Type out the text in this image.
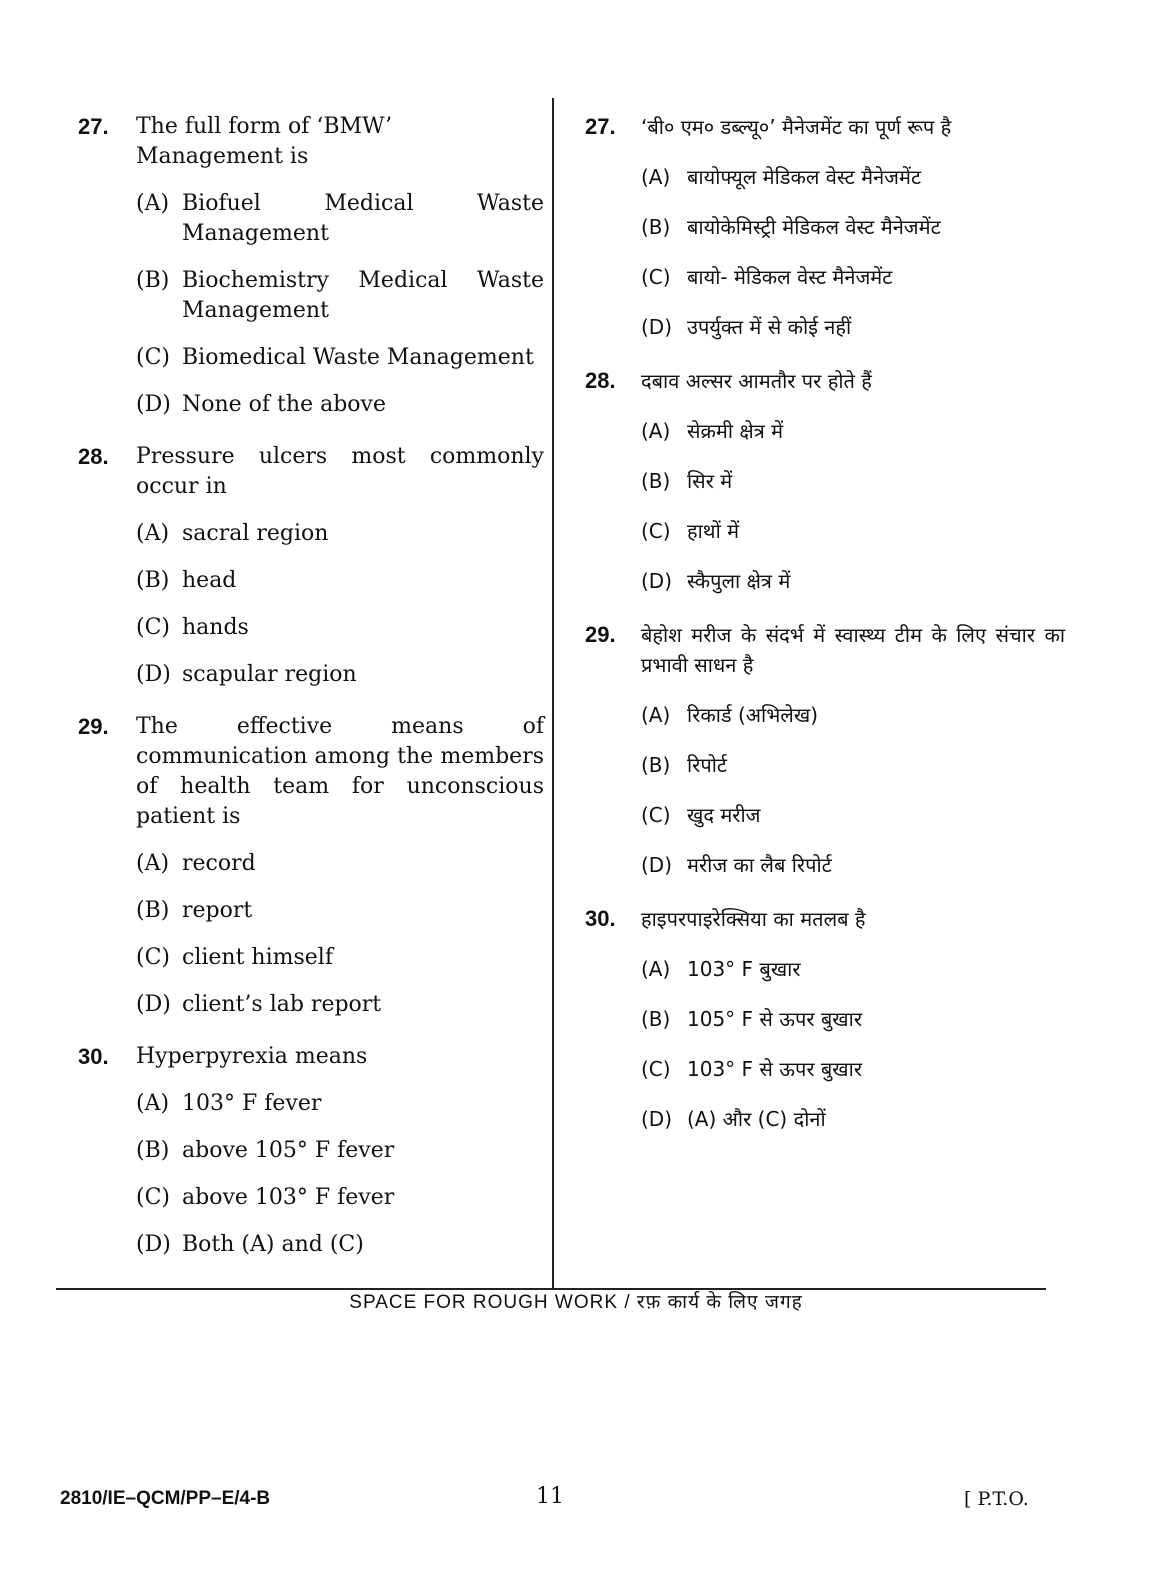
27.	The full form of ‘BMW’ Management is
(A) Biofuel Medical Waste Management
(B) Biochemistry Medical Waste Management
(C) Biomedical Waste Management
(D) None of the above
28.	Pressure ulcers most commonly occur in
(A) sacral region
(B) head
(C) hands
(D) scapular region
29.	The effective means of communication among the members of health team for unconscious patient is
(A) record
(B) report
(C) client himself
(D) client’s lab report
30.	Hyperpyrexia means
(A) 103° F fever
(B) above 105° F fever
(C) above 103° F fever
(D) Both (A) and (C)
27.	‘बी० एम० डब्ल्यू०’ मैनेजमेंट का पूर्ण रूप है
(A) बायोफ्यूल मेडिकल वेस्ट मैनेजमेंट
(B) बायोकेमिस्ट्री मेडिकल वेस्ट मैनेजमेंट
(C) बायो- मेडिकल वेस्ट मैनेजमेंट
(D) उपर्युक्त में से कोई नहीं
28.	दबाव अल्सर आमतौर पर होते हैं
(A) सेक्रमी क्षेत्र में
(B) सिर में
(C) हाथों में
(D) स्कैपुला क्षेत्र में
29.	बेहोश मरीज के संदर्भ में स्वास्थ्य टीम के लिए संचार का प्रभावी साधन है
(A) रिकार्ड (अभिलेख)
(B) रिपोर्ट
(C) खुद मरीज
(D) मरीज का लैब रिपोर्ट
30.	हाइपरपाइरेक्सिया का मतलब है
(A) 103° F बुखार
(B) 105° F से ऊपर बुखार
(C) 103° F से ऊपर बुखार
(D) (A) और (C) दोनों
SPACE FOR ROUGH WORK / रफ़ कार्य के लिए जगह
2810/IE–QCM/PP–E/4-B	11	[ P.T.O.
